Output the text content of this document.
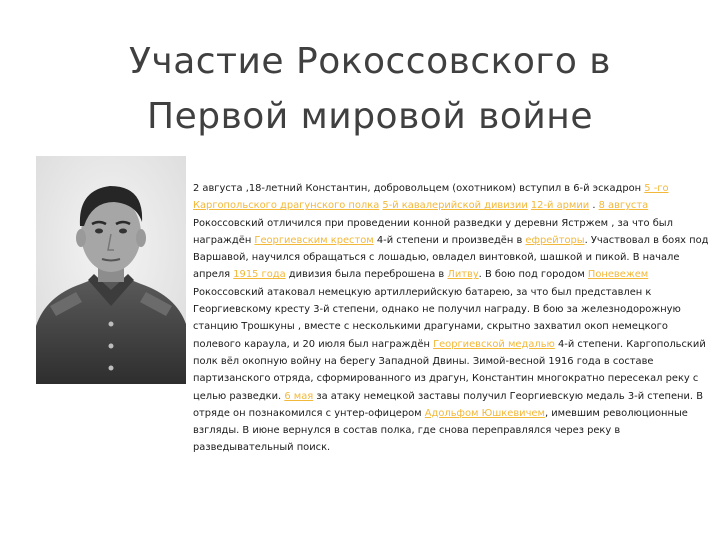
Участие Рокоссовского в
Первой мировой войне

2 августа ,18-летний Константин, добровольцем (охотником) вступил в 6-й эскадрон 5 -го Каргопольского драгунского полка 5-й кавалерийской дивизии 12-й армии . 8 августа Рокоссовский отличился при проведении конной разведки у деревни Ястржем , за что был награждён Георгиевским крестом 4-й степени и произведён в ефрейторы. Участвовал в боях под Варшавой, научился обращаться с лошадью, овладел винтовкой, шашкой и пикой. В начале апреля 1915 года дивизия была переброшена в Литву. В бою под городом Поневежем Рокоссовский атаковал немецкую артиллерийскую батарею, за что был представлен к Георгиевскому кресту 3-й степени, однако не получил награду. В бою за железнодорожную станцию Трошкуны , вместе с несколькими драгунами, скрытно захватил окоп немецкого полевого караула, и 20 июля был награждён Георгиевской медалью 4-й степени. Каргопольский полк вёл окопную войну на берегу Западной Двины. Зимой-весной 1916 года в составе партизанского отряда, сформированного из драгун, Константин многократно пересекал реку с целью разведки. 6 мая за атаку немецкой заставы получил Георгиевскую медаль 3-й степени. В отряде он познакомился с унтер-офицером Адольфом Юшкевичем, имевшим революционные взгляды. В июне вернулся в состав полка, где снова переправлялся через реку в разведывательный поиск.
